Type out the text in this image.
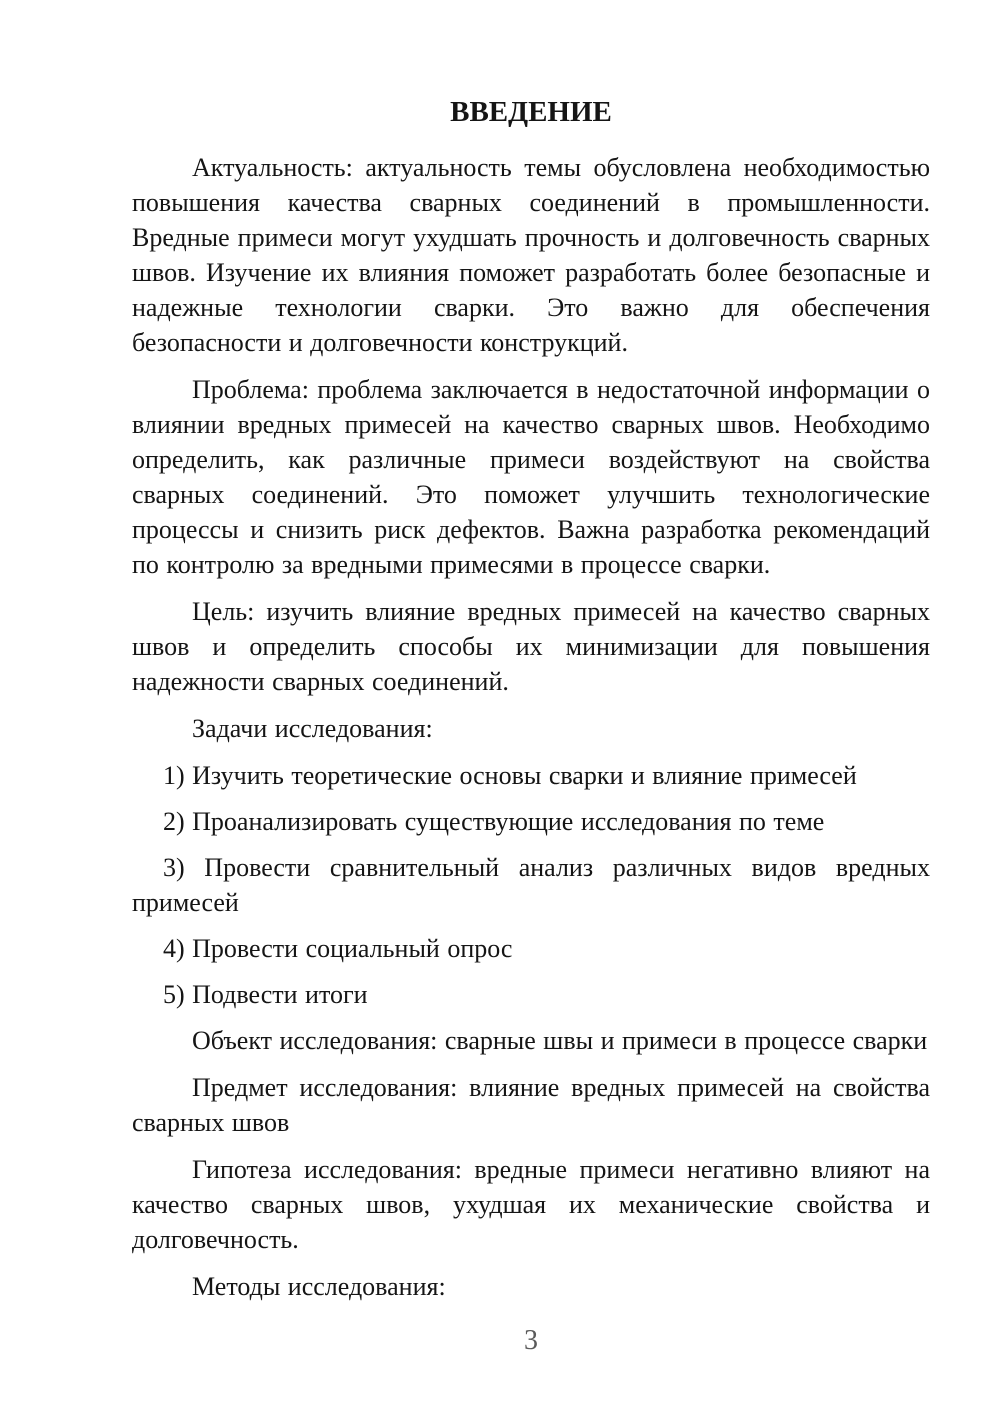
ВВЕДЕНИЕ

Актуальность: актуальность темы обусловлена необходимостью повышения качества сварных соединений в промышленности. Вредные примеси могут ухудшать прочность и долговечность сварных швов. Изучение их влияния поможет разработать более безопасные и надежные технологии сварки. Это важно для обеспечения безопасности и долговечности конструкций.

Проблема: проблема заключается в недостаточной информации о влиянии вредных примесей на качество сварных швов. Необходимо определить, как различные примеси воздействуют на свойства сварных соединений. Это поможет улучшить технологические процессы и снизить риск дефектов. Важна разработка рекомендаций по контролю за вредными примесями в процессе сварки.

Цель: изучить влияние вредных примесей на качество сварных швов и определить способы их минимизации для повышения надежности сварных соединений.

Задачи исследования:

1) Изучить теоретические основы сварки и влияние примесей

2) Проанализировать существующие исследования по теме

3) Провести сравнительный анализ различных видов вредных примесей

4) Провести социальный опрос

5) Подвести итоги

Объект исследования: сварные швы и примеси в процессе сварки

Предмет исследования: влияние вредных примесей на свойства сварных швов

Гипотеза исследования: вредные примеси негативно влияют на качество сварных швов, ухудшая их механические свойства и долговечность.

Методы исследования:

3
